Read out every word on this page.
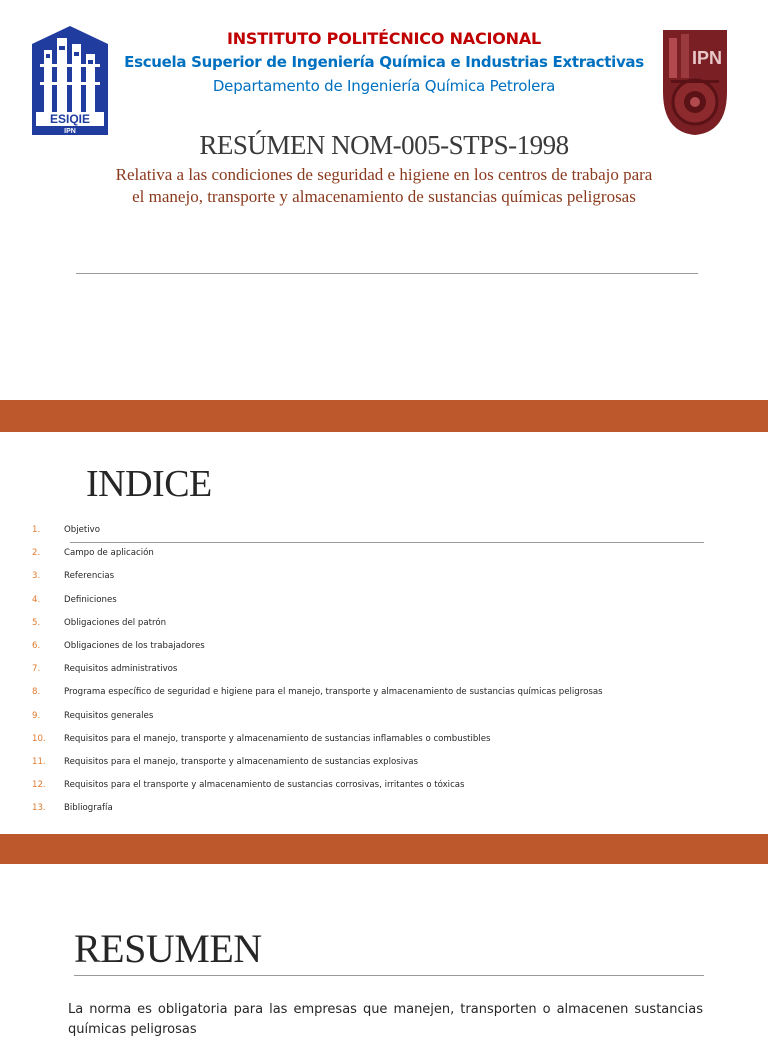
ESIQIE
IPN
INSTITUTO POLITÉCNICO NACIONAL
Escuela Superior de Ingeniería Química e Industrias Extractivas
Departamento de Ingeniería Química Petrolera
IPN
RESÚMEN NOM-005-STPS-1998
Relativa a las condiciones de seguridad e higiene en los centros de trabajo para el manejo, transporte y almacenamiento de sustancias químicas peligrosas
INDICE
1.	Objetivo
2.	Campo de aplicación
3.	Referencias
4.	Definiciones
5.	Obligaciones del patrón
6.	Obligaciones de los trabajadores
7.	Requisitos administrativos
8.	Programa específico de seguridad e higiene para el manejo, transporte y almacenamiento de sustancias químicas peligrosas
9.	Requisitos generales
10.	Requisitos para el manejo, transporte y almacenamiento de sustancias inflamables o combustibles
11.	Requisitos para el manejo, transporte y almacenamiento de sustancias explosivas
12.	Requisitos para el transporte y almacenamiento de sustancias corrosivas, irritantes o tóxicas
13.	Bibliografía
RESUMEN
La norma es obligatoria para las empresas que manejen, transporten o almacenen sustancias químicas peligrosas
